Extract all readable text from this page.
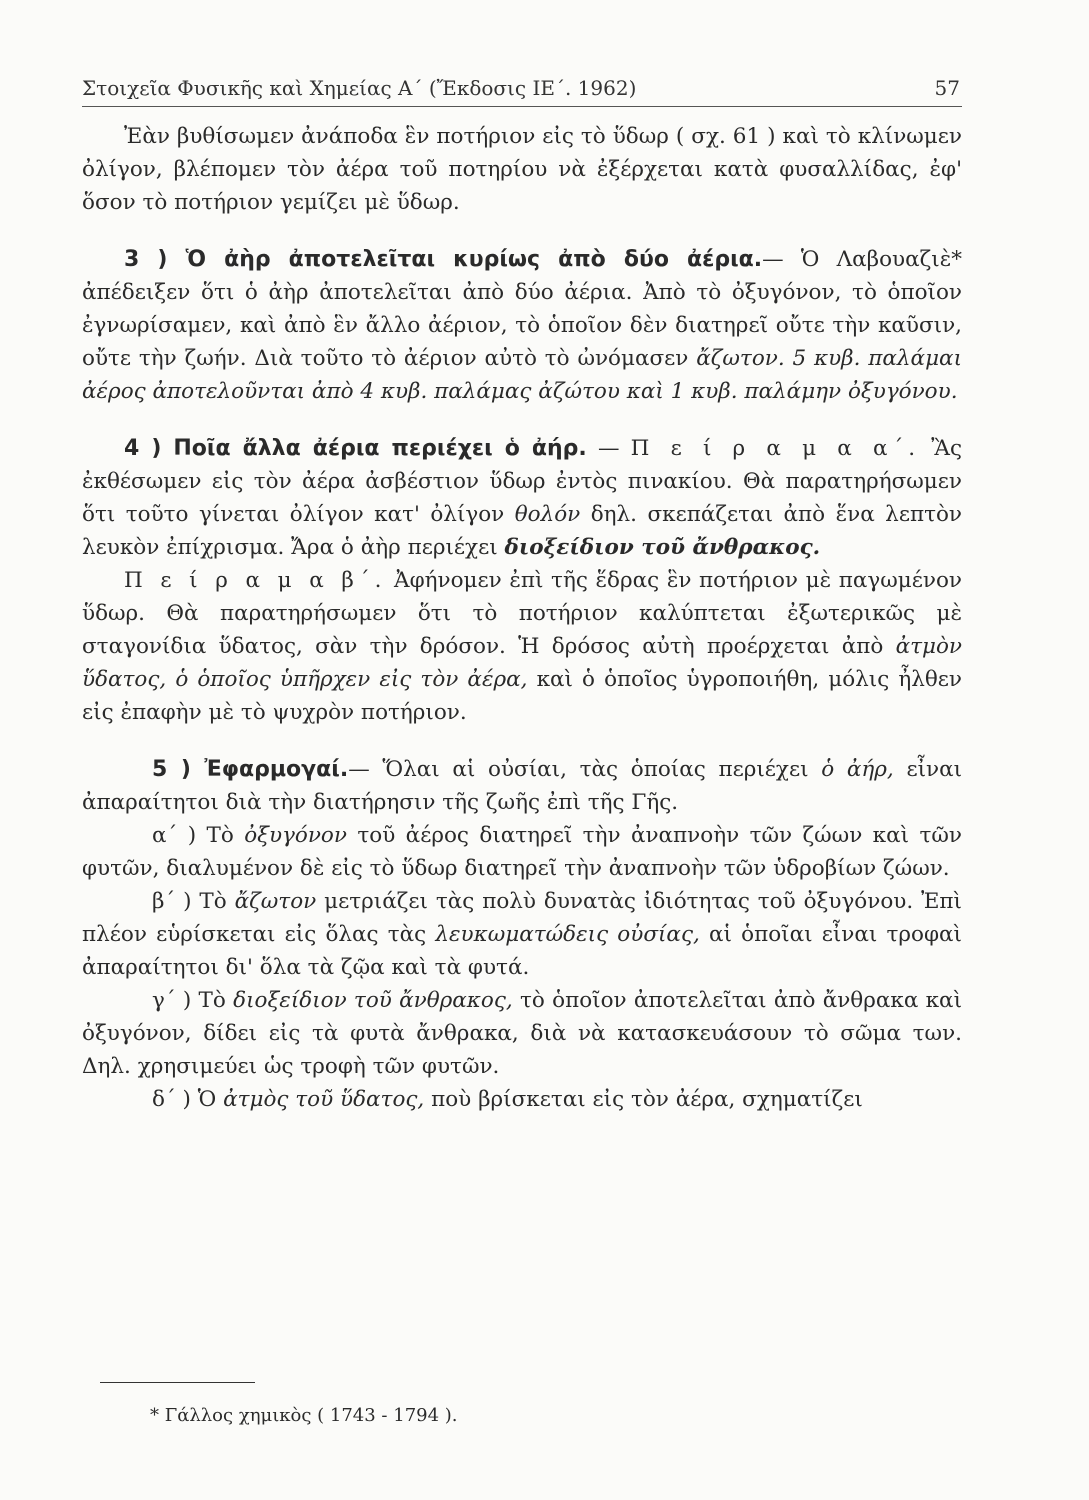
Στοιχεῖα Φυσικῆς καὶ Χημείας Α΄ (Ἔκδοσις ΙΕ΄. 1962)	57

Ἐὰν βυθίσωμεν ἀνάποδα ἓν ποτήριον εἰς τὸ ὕδωρ ( σχ. 61 ) καὶ τὸ κλίνωμεν ὀλίγον, βλέπομεν τὸν ἀέρα τοῦ ποτηρίου νὰ ἐξέρχεται κατὰ φυσαλλίδας, ἐφ' ὅσον τὸ ποτήριον γεμίζει μὲ ὕδωρ.

3 ) Ὁ ἀὴρ ἀποτελεῖται κυρίως ἀπὸ δύο ἀέρια.— Ὁ Λαβουαζιὲ* ἀπέδειξεν ὅτι ὁ ἀὴρ ἀποτελεῖται ἀπὸ δύο ἀέρια. Ἀπὸ τὸ ὀξυγόνον, τὸ ὁποῖον ἐγνωρίσαμεν, καὶ ἀπὸ ἓν ἄλλο ἀέριον, τὸ ὁποῖον δὲν διατηρεῖ οὔτε τὴν καῦσιν, οὔτε τὴν ζωήν. Διὰ τοῦτο τὸ ἀέριον αὐτὸ τὸ ὠνόμασεν ἄζωτον. 5 κυβ. παλάμαι ἀέρος ἀποτελοῦνται ἀπὸ 4 κυβ. παλάμας ἀζώτου καὶ 1 κυβ. παλάμην ὀξυγόνου.

4 ) Ποῖα ἄλλα ἀέρια περιέχει ὁ ἀήρ. — Π ε ί ρ α μ α α΄. Ἂς ἐκθέσωμεν εἰς τὸν ἀέρα ἀσβέστιον ὕδωρ ἐντὸς πινακίου. Θὰ παρατηρήσωμεν ὅτι τοῦτο γίνεται ὀλίγον κατ' ὀλίγον θολόν δηλ. σκεπάζεται ἀπὸ ἕνα λεπτὸν λευκὸν ἐπίχρισμα. Ἄρα ὁ ἀὴρ περιέχει διοξείδιον τοῦ ἄνθρακος.

Π ε ί ρ α μ α β΄. Ἀφήνομεν ἐπὶ τῆς ἕδρας ἓν ποτήριον μὲ παγωμένον ὕδωρ. Θὰ παρατηρήσωμεν ὅτι τὸ ποτήριον καλύπτεται ἐξωτερικῶς μὲ σταγονίδια ὕδατος, σὰν τὴν δρόσον. Ἡ δρόσος αὐτὴ προέρχεται ἀπὸ ἀτμὸν ὕδατος, ὁ ὁποῖος ὑπῆρχεν εἰς τὸν ἀέρα, καὶ ὁ ὁποῖος ὑγροποιήθη, μόλις ἦλθεν εἰς ἐπαφὴν μὲ τὸ ψυχρὸν ποτήριον.

5 ) Ἐφαρμογαί.— Ὅλαι αἱ οὐσίαι, τὰς ὁποίας περιέχει ὁ ἀήρ, εἶναι ἀπαραίτητοι διὰ τὴν διατήρησιν τῆς ζωῆς ἐπὶ τῆς Γῆς.

α΄ ) Τὸ ὀξυγόνον τοῦ ἀέρος διατηρεῖ τὴν ἀναπνοὴν τῶν ζώων καὶ τῶν φυτῶν, διαλυμένον δὲ εἰς τὸ ὕδωρ διατηρεῖ τὴν ἀναπνοὴν τῶν ὑδροβίων ζώων.

β΄ ) Τὸ ἄζωτον μετριάζει τὰς πολὺ δυνατὰς ἰδιότητας τοῦ ὀξυγόνου. Ἐπὶ πλέον εὑρίσκεται εἰς ὅλας τὰς λευκωματώδεις οὐσίας, αἱ ὁποῖαι εἶναι τροφαὶ ἀπαραίτητοι δι' ὅλα τὰ ζῷα καὶ τὰ φυτά.

γ΄ ) Τὸ διοξείδιον τοῦ ἄνθρακος, τὸ ὁποῖον ἀποτελεῖται ἀπὸ ἄνθρακα καὶ ὀξυγόνον, δίδει εἰς τὰ φυτὰ ἄνθρακα, διὰ νὰ κατασκευάσουν τὸ σῶμα των. Δηλ. χρησιμεύει ὡς τροφὴ τῶν φυτῶν.

δ΄ ) Ὁ ἀτμὸς τοῦ ὕδατος, ποὺ βρίσκεται εἰς τὸν ἀέρα, σχηματίζει

* Γάλλος χημικὸς ( 1743 - 1794 ).
